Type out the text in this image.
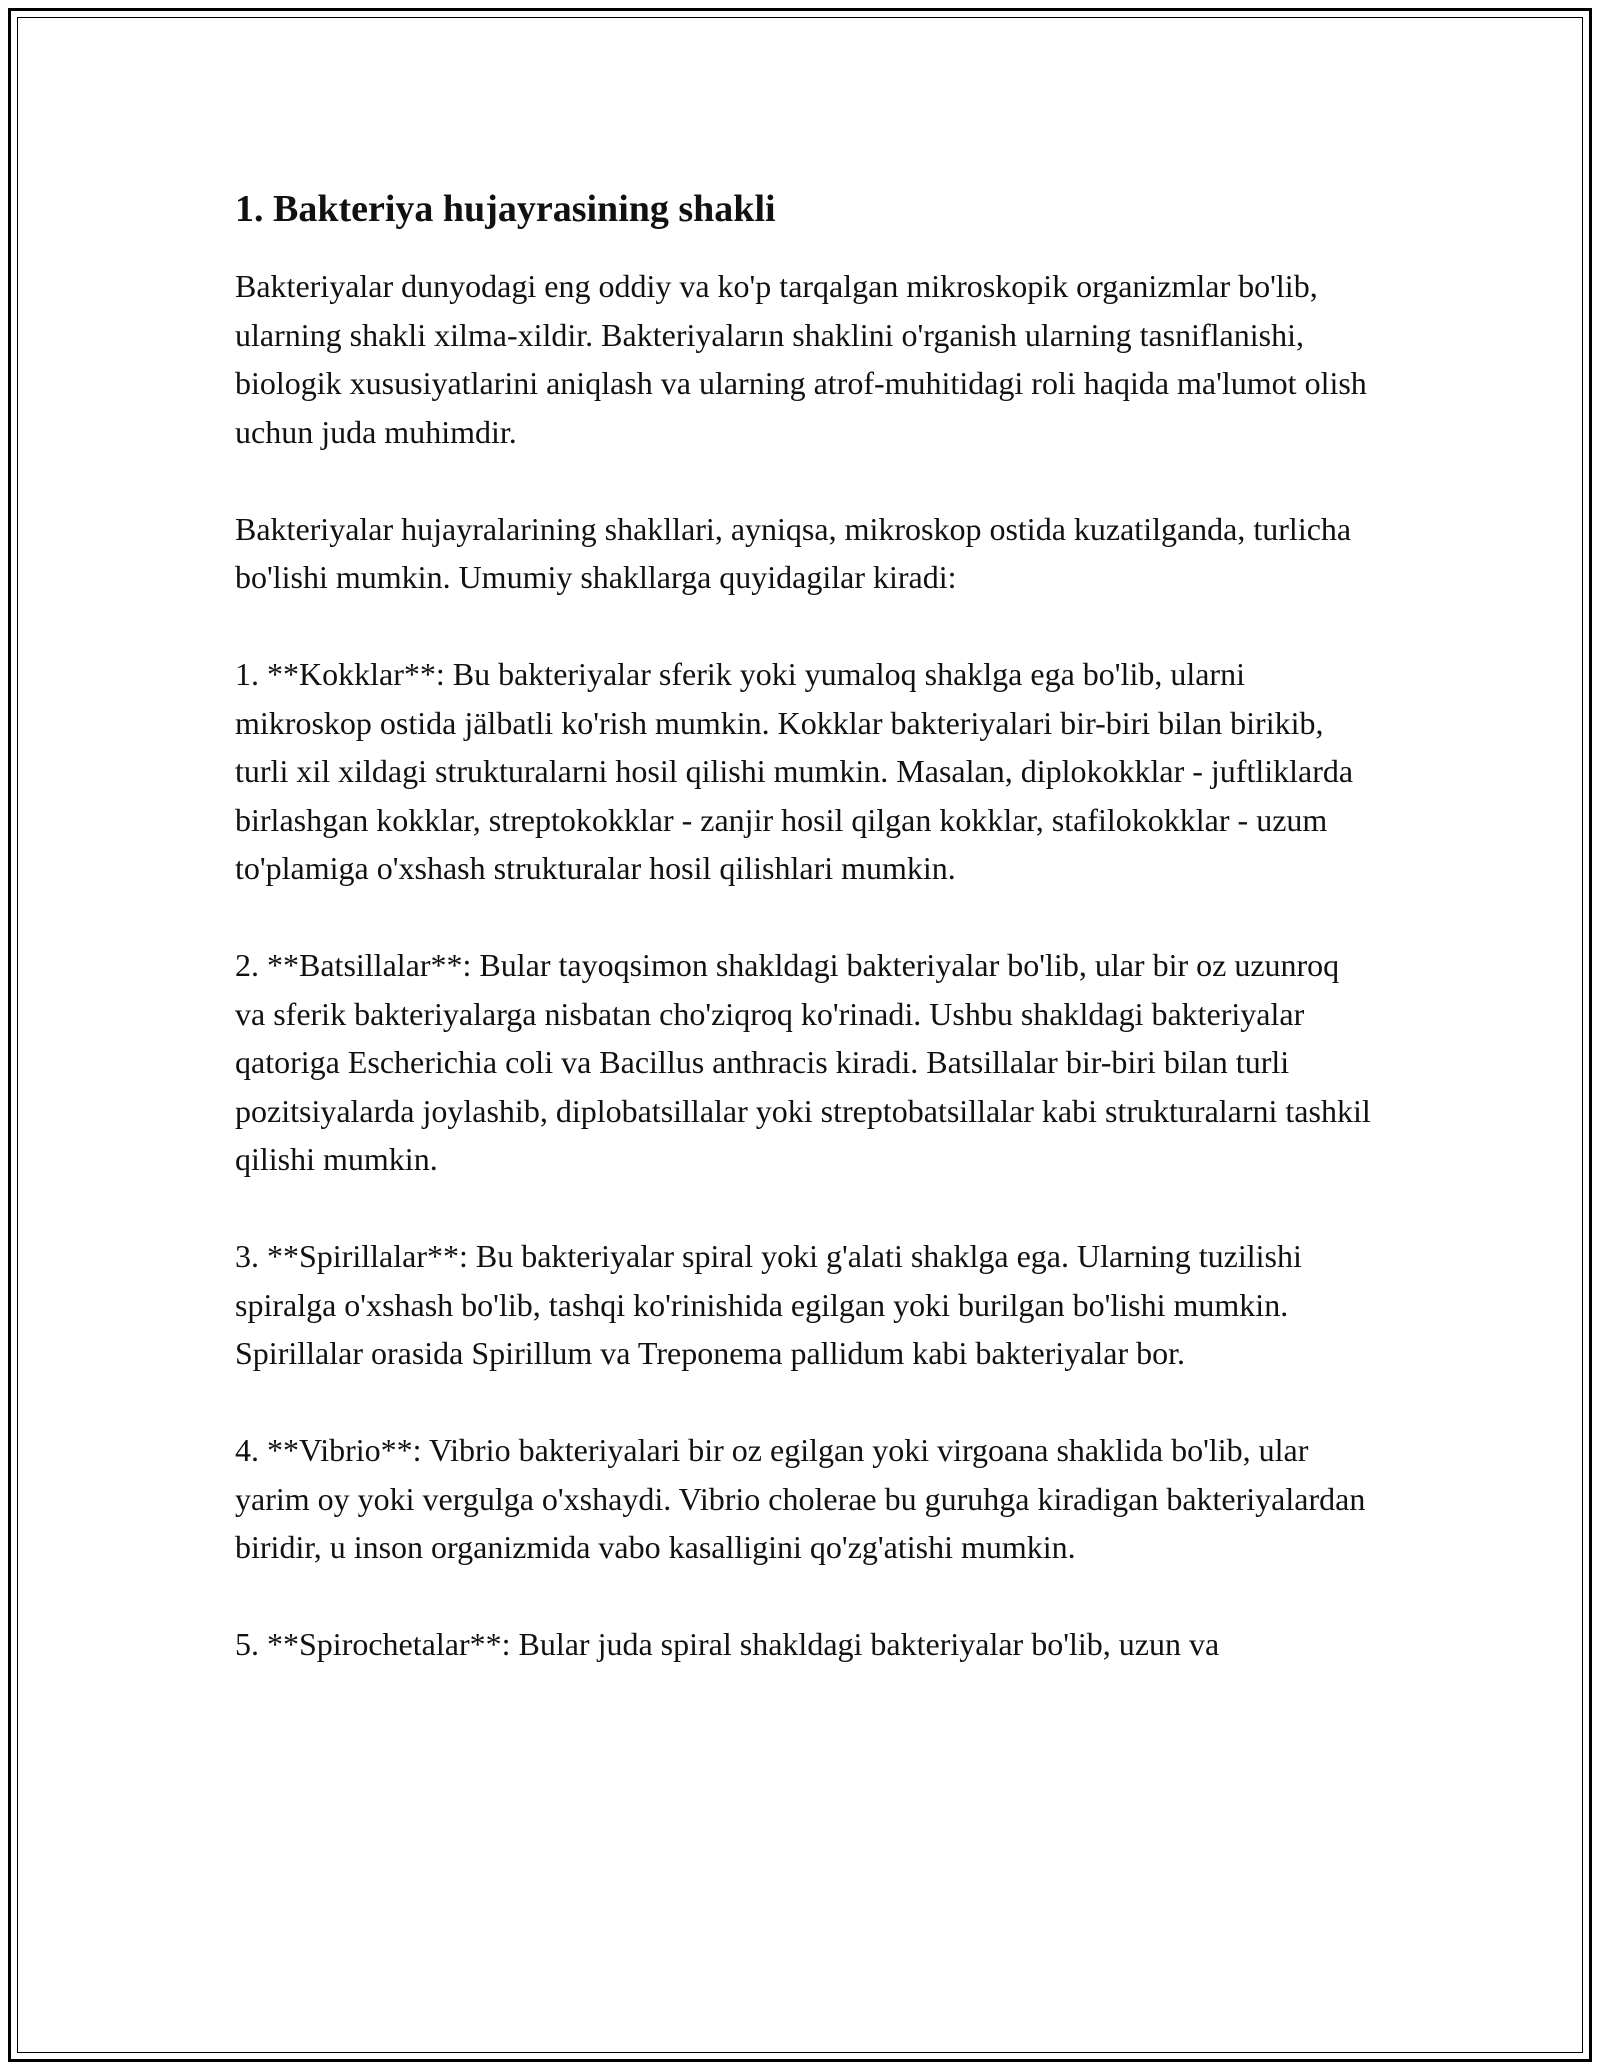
1. Bakteriya hujayrasining shakli

Bakteriyalar dunyodagi eng oddiy va ko'p tarqalgan mikroskopik organizmlar bo'lib, ularning shakli xilma-xildir. Bakteriyaların shaklini o'rganish ularning tasniflanishi, biologik xususiyatlarini aniqlash va ularning atrof-muhitidagi roli haqida ma'lumot olish uchun juda muhimdir.

Bakteriyalar hujayralarining shakllari, ayniqsa, mikroskop ostida kuzatilganda, turlicha bo'lishi mumkin. Umumiy shakllarga quyidagilar kiradi:

1. **Kokklar**: Bu bakteriyalar sferik yoki yumaloq shaklga ega bo'lib, ularni mikroskop ostida jälbatli ko'rish mumkin. Kokklar bakteriyalari bir-biri bilan birikib, turli xil xildagi strukturalarni hosil qilishi mumkin. Masalan, diplokokklar - juftliklarda birlashgan kokklar, streptokokklar - zanjir hosil qilgan kokklar, stafilokokklar - uzum to'plamiga o'xshash strukturalar hosil qilishlari mumkin.

2. **Batsillalar**: Bular tayoqsimon shakldagi bakteriyalar bo'lib, ular bir oz uzunroq va sferik bakteriyalarga nisbatan cho'ziqroq ko'rinadi. Ushbu shakldagi bakteriyalar qatoriga Escherichia coli va Bacillus anthracis kiradi. Batsillalar bir-biri bilan turli pozitsiyalarda joylashib, diplobatsillalar yoki streptobatsillalar kabi strukturalarni tashkil qilishi mumkin.

3. **Spirillalar**: Bu bakteriyalar spiral yoki g'alati shaklga ega. Ularning tuzilishi spiralga o'xshash bo'lib, tashqi ko'rinishida egilgan yoki burilgan bo'lishi mumkin. Spirillalar orasida Spirillum va Treponema pallidum kabi bakteriyalar bor.

4. **Vibrio**: Vibrio bakteriyalari bir oz egilgan yoki virgoana shaklida bo'lib, ular yarim oy yoki vergulga o'xshaydi. Vibrio cholerae bu guruhga kiradigan bakteriyalardan biridir, u inson organizmida vabo kasalligini qo'zg'atishi mumkin.

5. **Spirochetalar**: Bular juda spiral shakldagi bakteriyalar bo'lib, uzun va
